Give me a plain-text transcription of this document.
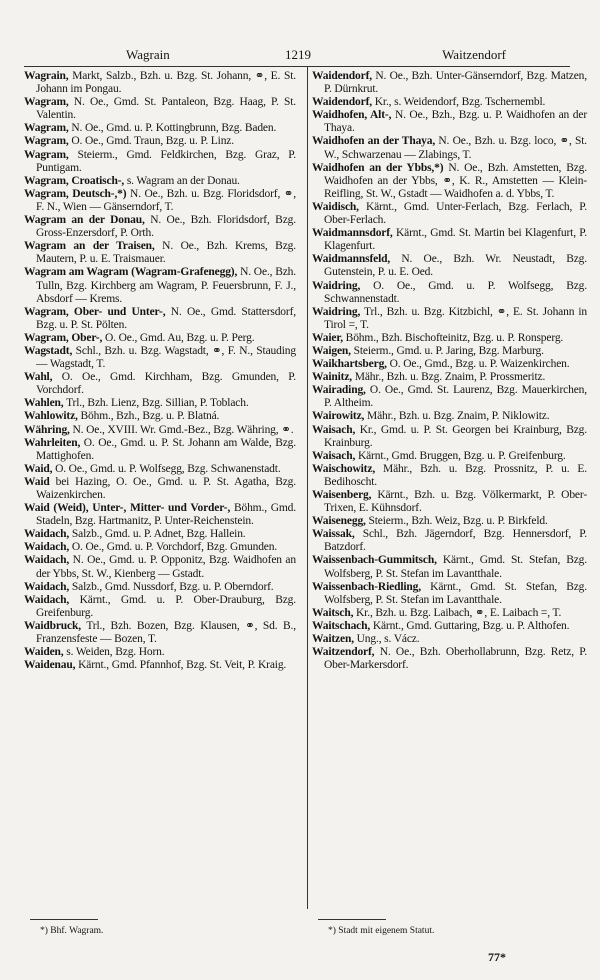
Wagrain	1219	Waitzendorf

Wagrain, Markt, Salzb., Bzh. u. Bzg. St. Johann, ⚭, E. St. Johann im Pongau.

Wagram, N. Oe., Gmd. St. Pantaleon, Bzg. Haag, P. St. Valentin.

Wagram, N. Oe., Gmd. u. P. Kottingbrunn, Bzg. Baden.

Wagram, O. Oe., Gmd. Traun, Bzg. u. P. Linz.

Wagram, Steierm., Gmd. Feldkirchen, Bzg. Graz, P. Puntigam.

Wagram, Croatisch-, s. Wagram an der Donau.

Wagram, Deutsch-,*) N. Oe., Bzh. u. Bzg. Floridsdorf, ⚭, F. N., Wien — Gänserndorf, T.

Wagram an der Donau, N. Oe., Bzh. Floridsdorf, Bzg. Gross-Enzersdorf, P. Orth.

Wagram an der Traisen, N. Oe., Bzh. Krems, Bzg. Mautern, P. u. E. Traismauer.

Wagram am Wagram (Wagram-Grafenegg), N. Oe., Bzh. Tulln, Bzg. Kirchberg am Wagram, P. Feuersbrunn, F. J., Absdorf — Krems.

Wagram, Ober- und Unter-, N. Oe., Gmd. Stattersdorf, Bzg. u. P. St. Pölten.

Wagram, Ober-, O. Oe., Gmd. Au, Bzg. u. P. Perg.

Wagstadt, Schl., Bzh. u. Bzg. Wagstadt, ⚭, F. N., Stauding — Wagstadt, T.

Wahl, O. Oe., Gmd. Kirchham, Bzg. Gmunden, P. Vorchdorf.

Wahlen, Trl., Bzh. Lienz, Bzg. Sillian, P. Toblach.

Wahlowitz, Böhm., Bzh., Bzg. u. P. Blatná.

Währing, N. Oe., XVIII. Wr. Gmd.-Bez., Bzg. Währing, ⚭.

Wahrleiten, O. Oe., Gmd. u. P. St. Johann am Walde, Bzg. Mattighofen.

Waid, O. Oe., Gmd. u. P. Wolfsegg, Bzg. Schwanenstadt.

Waid bei Hazing, O. Oe., Gmd. u. P. St. Agatha, Bzg. Waizenkirchen.

Waid (Weid), Unter-, Mitter- und Vorder-, Böhm., Gmd. Stadeln, Bzg. Hartmanitz, P. Unter-Reichenstein.

Waidach, Salzb., Gmd. u. P. Adnet, Bzg. Hallein.

Waidach, O. Oe., Gmd. u. P. Vorchdorf, Bzg. Gmunden.

Waidach, N. Oe., Gmd. u. P. Opponitz, Bzg. Waidhofen an der Ybbs, St. W., Kienberg — Gstadt.

Waidach, Salzb., Gmd. Nussdorf, Bzg. u. P. Oberndorf.

Waidach, Kärnt., Gmd. u. P. Ober-Drauburg, Bzg. Greifenburg.

Waidbruck, Trl., Bzh. Bozen, Bzg. Klausen, ⚭, Sd. B., Franzensfeste — Bozen, T.

Waiden, s. Weiden, Bzg. Horn.

Waidenau, Kärnt., Gmd. Pfannhof, Bzg. St. Veit, P. Kraig.

Waidendorf, N. Oe., Bzh. Unter-Gänserndorf, Bzg. Matzen, P. Dürnkrut.

Waidendorf, Kr., s. Weidendorf, Bzg. Tschernembl.

Waidhofen, Alt-, N. Oe., Bzh., Bzg. u. P. Waidhofen an der Thaya.

Waidhofen an der Thaya, N. Oe., Bzh. u. Bzg. loco, ⚭, St. W., Schwarzenau — Zlabings, T.

Waidhofen an der Ybbs,*) N. Oe., Bzh. Amstetten, Bzg. Waidhofen an der Ybbs, ⚭, K. R., Amstetten — Klein-Reifling, St. W., Gstadt — Waidhofen a. d. Ybbs, T.

Waidisch, Kärnt., Gmd. Unter-Ferlach, Bzg. Ferlach, P. Ober-Ferlach.

Waidmannsdorf, Kärnt., Gmd. St. Martin bei Klagenfurt, P. Klagenfurt.

Waidmannsfeld, N. Oe., Bzh. Wr. Neustadt, Bzg. Gutenstein, P. u. E. Oed.

Waidring, O. Oe., Gmd. u. P. Wolfsegg, Bzg. Schwannenstadt.

Waidring, Trl., Bzh. u. Bzg. Kitzbichl, ⚭, E. St. Johann in Tirol =, T.

Waier, Böhm., Bzh. Bischofteinitz, Bzg. u. P. Ronsperg.

Waigen, Steierm., Gmd. u. P. Jaring, Bzg. Marburg.

Waikhartsberg, O. Oe., Gmd., Bzg. u. P. Waizenkirchen.

Wainitz, Mähr., Bzh. u. Bzg. Znaim, P. Prossmeritz.

Wairading, O. Oe., Gmd. St. Laurenz, Bzg. Mauerkirchen, P. Altheim.

Wairowitz, Mähr., Bzh. u. Bzg. Znaim, P. Niklowitz.

Waisach, Kr., Gmd. u. P. St. Georgen bei Krainburg, Bzg. Krainburg.

Waisach, Kärnt., Gmd. Bruggen, Bzg. u. P. Greifenburg.

Waischowitz, Mähr., Bzh. u. Bzg. Prossnitz, P. u. E. Bedihoscht.

Waisenberg, Kärnt., Bzh. u. Bzg. Völkermarkt, P. Ober-Trixen, E. Kühnsdorf.

Waisenegg, Steierm., Bzh. Weiz, Bzg. u. P. Birkfeld.

Waissak, Schl., Bzh. Jägerndorf, Bzg. Hennersdorf, P. Batzdorf.

Waissenbach-Gummitsch, Kärnt., Gmd. St. Stefan, Bzg. Wolfsberg, P. St. Stefan im Lavantthale.

Waissenbach-Riedling, Kärnt., Gmd. St. Stefan, Bzg. Wolfsberg, P. St. Stefan im Lavantthale.

Waitsch, Kr., Bzh. u. Bzg. Laibach, ⚭, E. Laibach =, T.

Waitschach, Kärnt., Gmd. Guttaring, Bzg. u. P. Althofen.

Waitzen, Ung., s. Vácz.

Waitzendorf, N. Oe., Bzh. Oberhollabrunn, Bzg. Retz, P. Ober-Markersdorf.

*) Bhf. Wagram.	*) Stadt mit eigenem Statut.
77*
